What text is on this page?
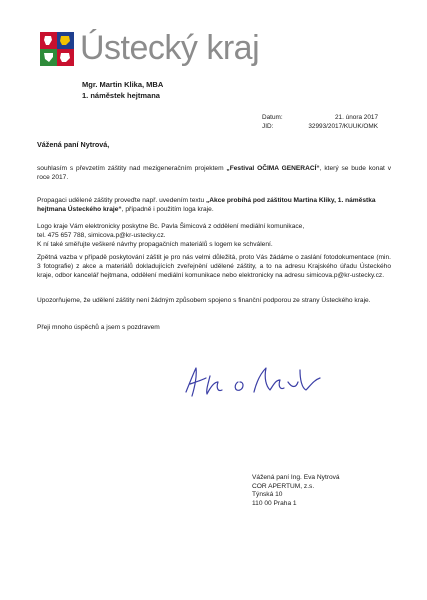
Ústecký kraj
Mgr. Martin Klika, MBA
1. náměstek hejtmana
Datum:	21. února 2017
JID:	32993/2017/KUUK/OMK
Vážená paní Nytrová,
souhlasím s převzetím záštity nad mezigeneračním projektem „Festival OČIMA GENERACÍ“, který se bude konat v roce 2017.
Propagaci udělené záštity proveďte např. uvedením textu „Akce probíhá pod záštitou Martina Kliky, 1. náměstka hejtmana Ústeckého kraje“, případně i použitím loga kraje.
Logo kraje Vám elektronicky poskytne Bc. Pavla Šimicová z oddělení mediální komunikace,
tel. 475 657 788, simicova.p@kr-ustecky.cz.
K ní také směřujte veškeré návrhy propagačních materiálů s logem ke schválení.
Zpětná vazba v případě poskytování záštit je pro nás velmi důležitá, proto Vás žádáme o zaslání fotodokumentace (min. 3 fotografie) z akce a materiálů dokladujících zveřejnění udělené záštity, a to na adresu Krajského úřadu Ústeckého kraje, odbor kancelář hejtmana, oddělení mediální komunikace nebo elektronicky na adresu simicova.p@kr-ustecky.cz.
Upozorňujeme, že udělení záštity není žádným způsobem spojeno s finanční podporou ze strany Ústeckého kraje.
Přeji mnoho úspěchů a jsem s pozdravem
Vážená paní Ing. Eva Nytrová
COR APERTUM, z.s.
Týnská 10
110 00 Praha 1
